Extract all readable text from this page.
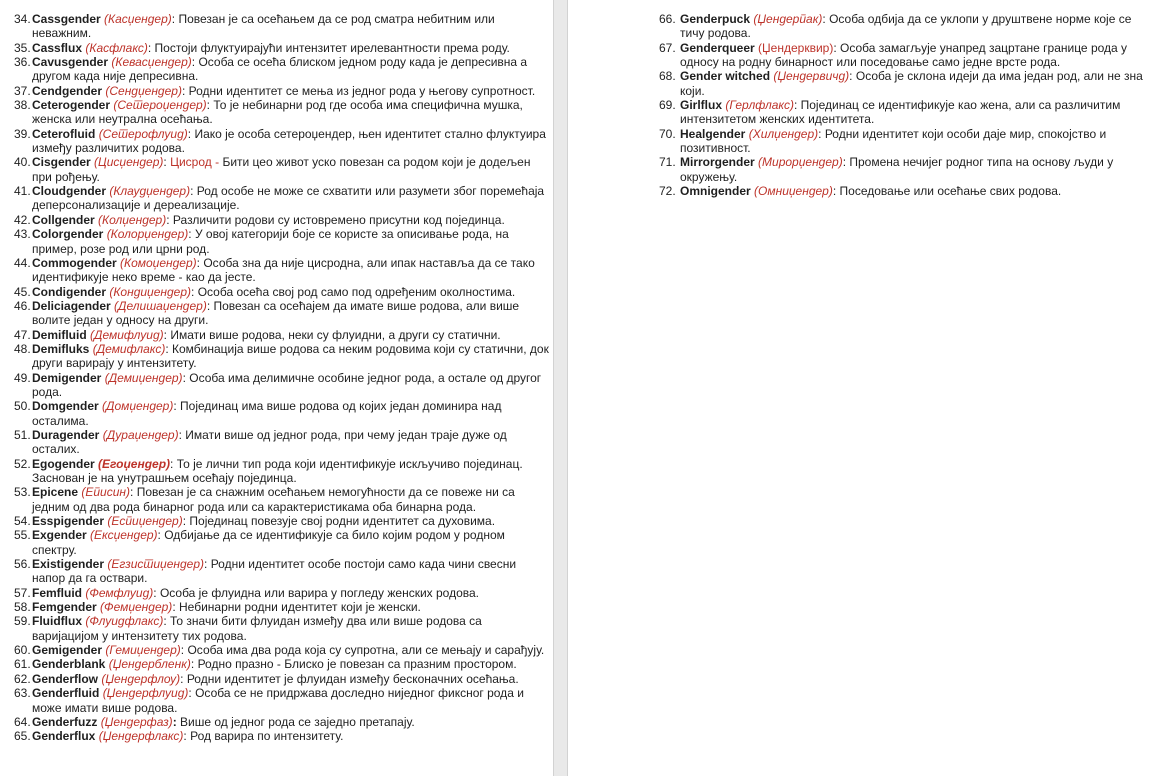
34. Cassgender (Касџендер): Повезан је са осећањем да се род сматра небитним или неважним.
35. Cassflux (Касфлакс): Постоји флуктуирајући интензитет ирелевантности према роду.
36. Cavusgender (Кевасџендер): Особа се осећа блиском једном роду када је депресивна а другом када није депресивна.
37. Cendgender (Сендџендер): Родни идентитет се мења из једног рода у његову супротност.
38. Ceterogender (Сетероџендер): То је небинарни род где особа има специфична мушка, женска или неутрална осећања.
39. Ceterofluid (Сетерофлуид): Иако је особа сетероџендер, њен идентитет стално флуктуира између различитих родова.
40. Cisgender (Цисџендер): Цисрод - Бити цео живот уско повезан са родом који је додељен при рођењу.
41. Cloudgender (Клаудџендер): Род особе не може се схватити или разумети због поремећаја деперсонализације и дереализације.
42. Collgender (Колџендер): Различити родови су истовремено присутни код појединца.
43. Colorgender (Колорџендер): У овој категорији боје се користе за описивање рода, на пример, розе род или црни род.
44. Commogender (Комоџендер): Особа зна да није цисродна, али ипак наставља да се тако идентификује неко време - као да јесте.
45. Condigender (Кондиџендер): Особа осећа свој род само под одређеним околностима.
46. Deliciagender (Делишаџендер): Повезан са осећајем да имате више родова, али више волите један у односу на други.
47. Demifluid (Демифлуид): Имати више родова, неки су флуидни, а други су статични.
48. Demifluks (Демифлакс): Комбинација више родова са неким родовима који су статични, док други варирају у интензитету.
49. Demigender (Демиџендер): Особа има делимичне особине једног рода, а остале од другог рода.
50. Domgender (Домџендер): Појединац има више родова од којих један доминира над осталима.
51. Duragender (Дураџендер): Имати више од једног рода, при чему један траје дуже од осталих.
52. Egogender (Егоџендер): То је лични тип рода који идентификује искључиво појединац. Заснован је на унутрашњем осећају појединца.
53. Epicene (Еписин): Повезан је са снажним осећањем немогућности да се повеже ни са једним од два рода бинарног рода или са карактеристикама оба бинарна рода.
54. Esspigender (Еспиџендер): Појединац повезује свој родни идентитет са духовима.
55. Exgender (Ексџендер): Одбијање да се идентификује са било којим родом у родном спектру.
56. Existigender (Егзистиџендер): Родни идентитет особе постоји само када чини свесни напор да га оствари.
57. Femfluid (Фемфлуид): Особа је флуидна или варира у погледу женских родова.
58. Femgender (Фемџендер): Небинарни родни идентитет који је женски.
59. Fluidflux (Флуидфлакс): То значи бити флуидан између два или више родова са варијацијом у интензитету тих родова.
60. Gemigender (Гемиџендер): Особа има два рода која су супротна, али се мењају и сарађују.
61. Genderblank (Џендербленк): Родно празно - Блиско је повезан са празним простором.
62. Genderflow (Џендерфлоу): Родни идентитет је флуидан између бесконачних осећања.
63. Genderfluid (Џендерфлуид): Особа се не придржава доследно ниједног фиксног рода и може имати више родова.
64. Genderfuzz (Џендерфаз): Више од једног рода се заједно претапају.
65. Genderflux (Џендерфлакс): Род варира по интензитету.
66. Genderpuck (Џендерпак): Особа одбија да се уклопи у друштвене норме које се тичу родова.
67. Genderqueer (Џендерквир): Особа замагљује унапред зацртане границе рода у односу на родну бинарност или поседовање само једне врсте рода.
68. Gender witched (Џендервичд): Особа је склона идеји да има један род, али не зна који.
69. Girlflux (Герлфлакс): Појединац се идентификује као жена, али са различитим интензитетом женских идентитета.
70. Healgender (Хилџендер): Родни идентитет који особи даје мир, спокојство и позитивност.
71. Mirrorgender (Мирорџендер): Промена нечијег родног типа на основу људи у окружењу.
72. Omnigender (Омниџендер): Поседовање или осећање свих родова.
